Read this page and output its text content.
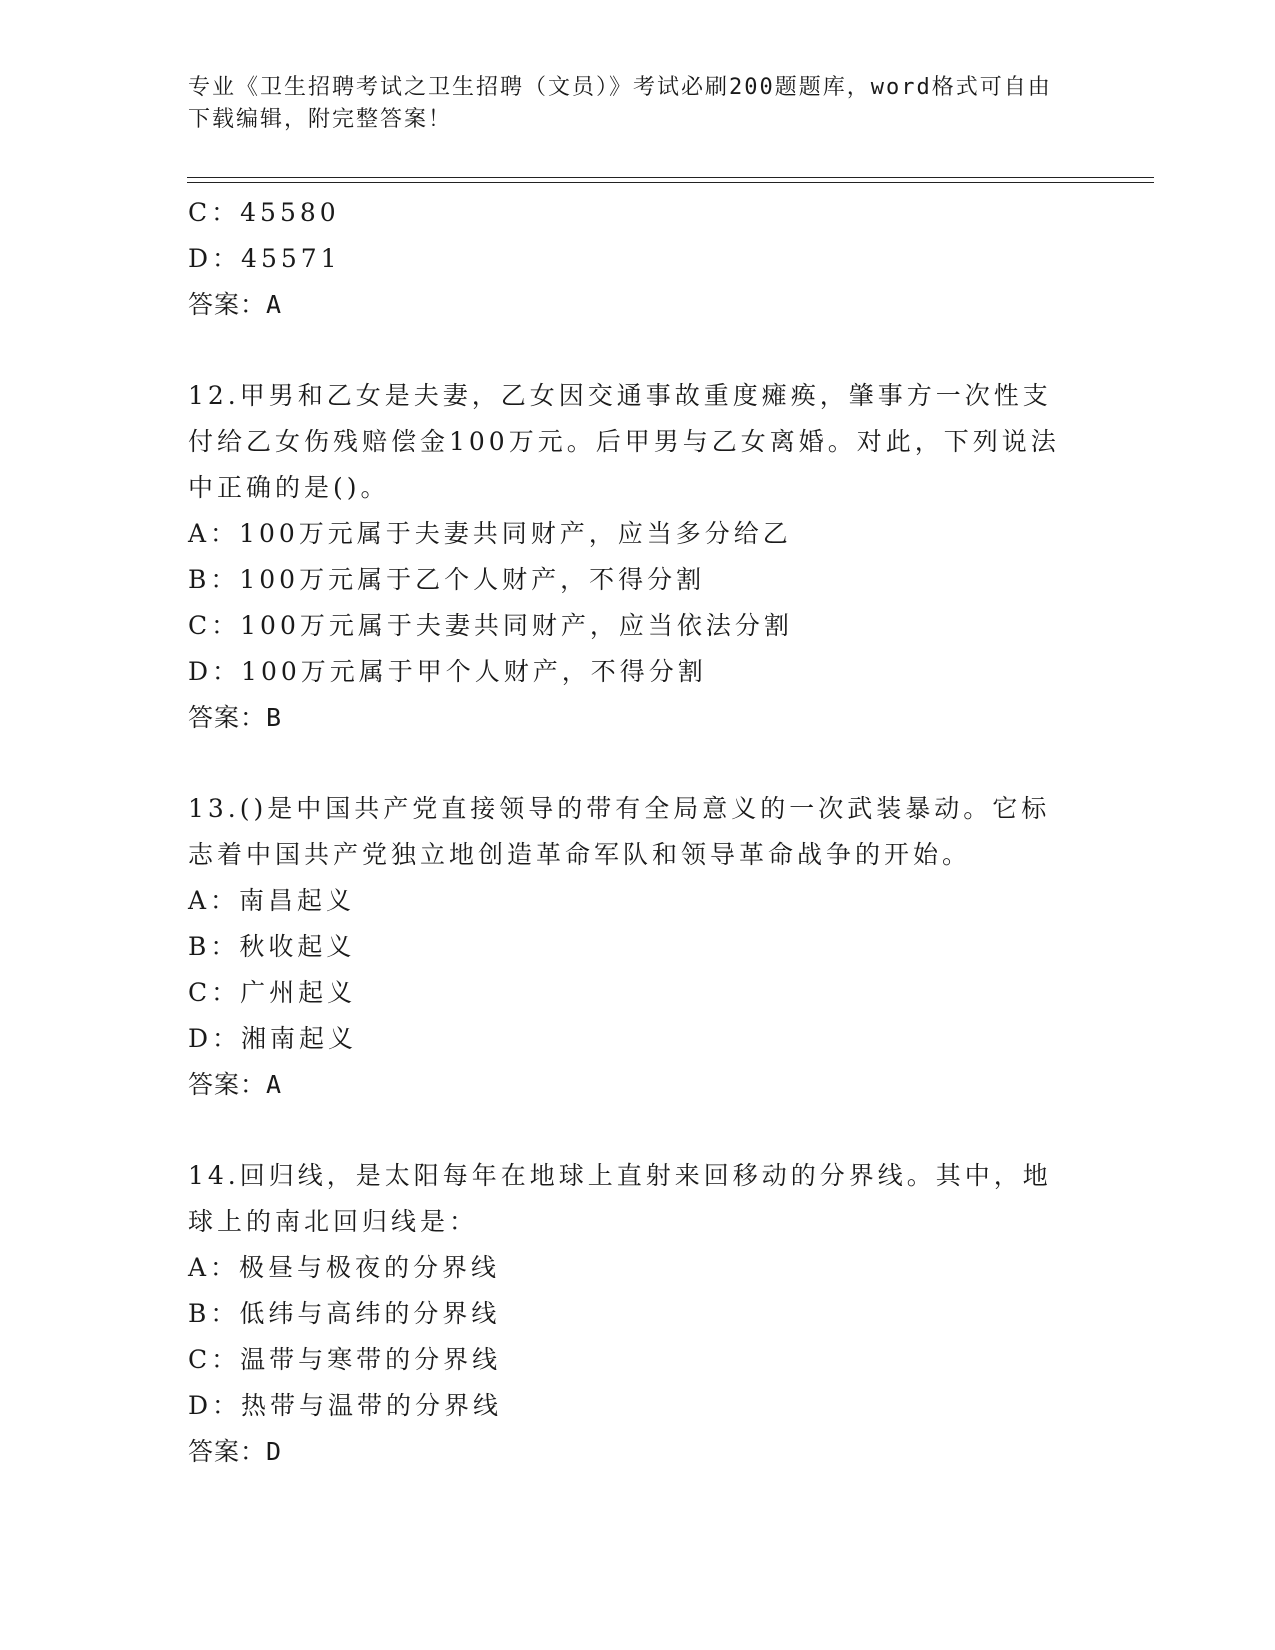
专业《卫生招聘考试之卫生招聘（文员）》考试必刷200题题库，word格式可自由下载编辑，附完整答案！
C：45580
D：45571
答案：A
12.甲男和乙女是夫妻，乙女因交通事故重度瘫痪，肇事方一次性支付给乙女伤残赔偿金100万元。后甲男与乙女离婚。对此，下列说法中正确的是()。
A：100万元属于夫妻共同财产，应当多分给乙
B：100万元属于乙个人财产，不得分割
C：100万元属于夫妻共同财产，应当依法分割
D：100万元属于甲个人财产，不得分割
答案：B
13.()是中国共产党直接领导的带有全局意义的一次武装暴动。它标志着中国共产党独立地创造革命军队和领导革命战争的开始。
A：南昌起义
B：秋收起义
C：广州起义
D：湘南起义
答案：A
14.回归线，是太阳每年在地球上直射来回移动的分界线。其中，地球上的南北回归线是：
A：极昼与极夜的分界线
B：低纬与高纬的分界线
C：温带与寒带的分界线
D：热带与温带的分界线
答案：D
